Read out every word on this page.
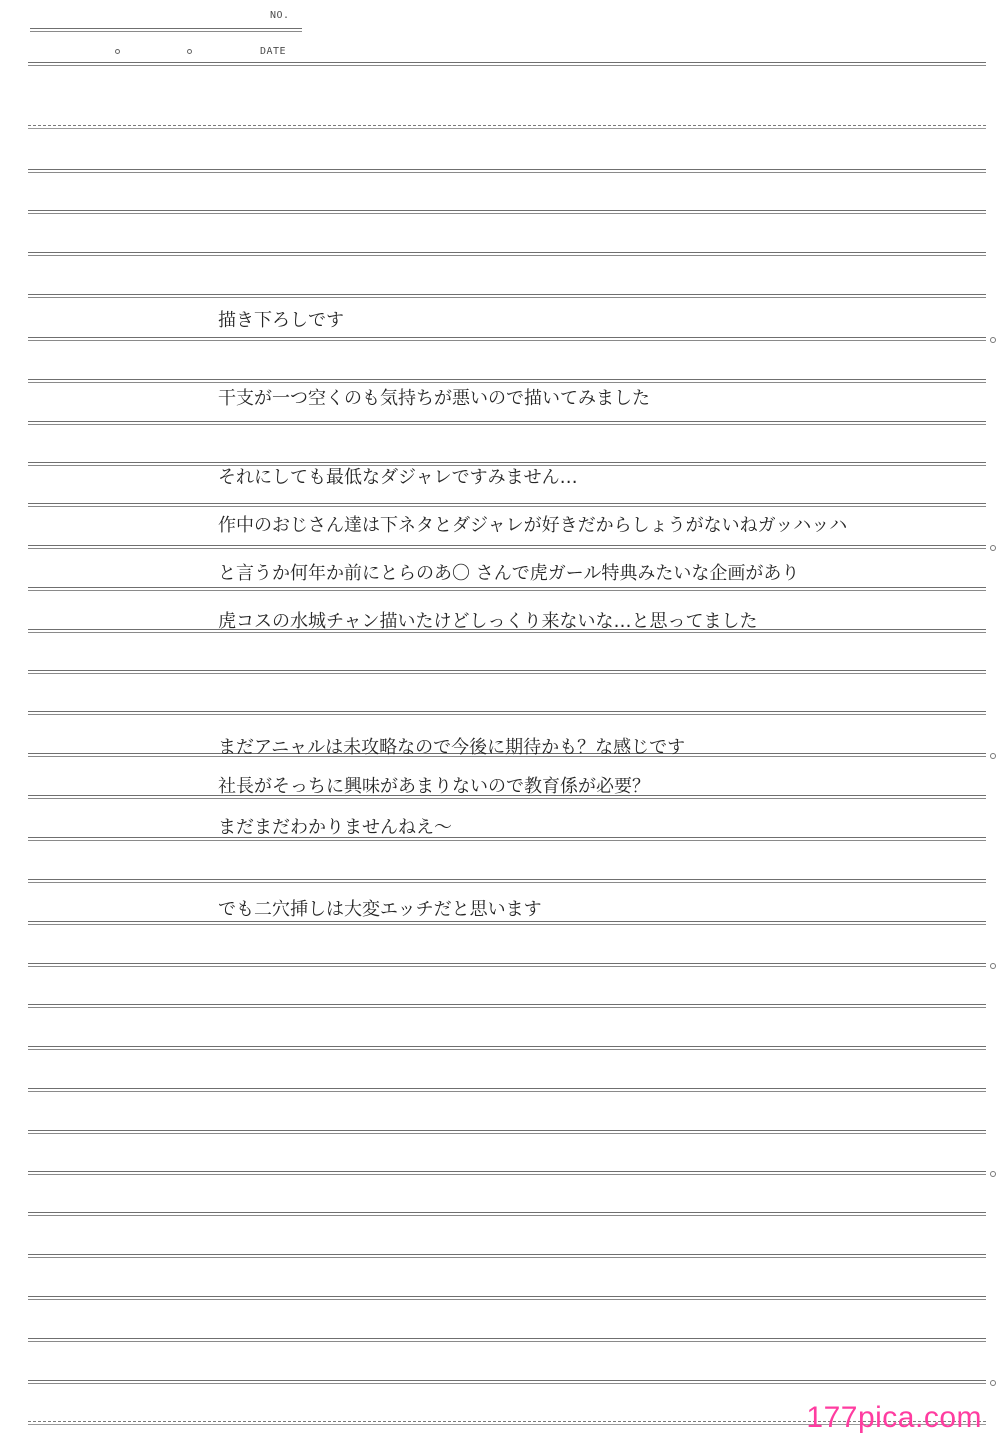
NO.
DATE
描き下ろしです
干支が一つ空くのも気持ちが悪いので描いてみました
それにしても最低なダジャレですみません…
作中のおじさん達は下ネタとダジャレが好きだからしょうがないねガッハッハ
と言うか何年か前にとらのあ〇 さんで虎ガール特典みたいな企画があり
虎コスの水城チャン描いたけどしっくり来ないな…と思ってました
まだアニャルは未攻略なので今後に期待かも？な感じです
社長がそっちに興味があまりないので教育係が必要？
まだまだわかりませんねえ～
でも二穴挿しは大変エッチだと思います
177pica.com
